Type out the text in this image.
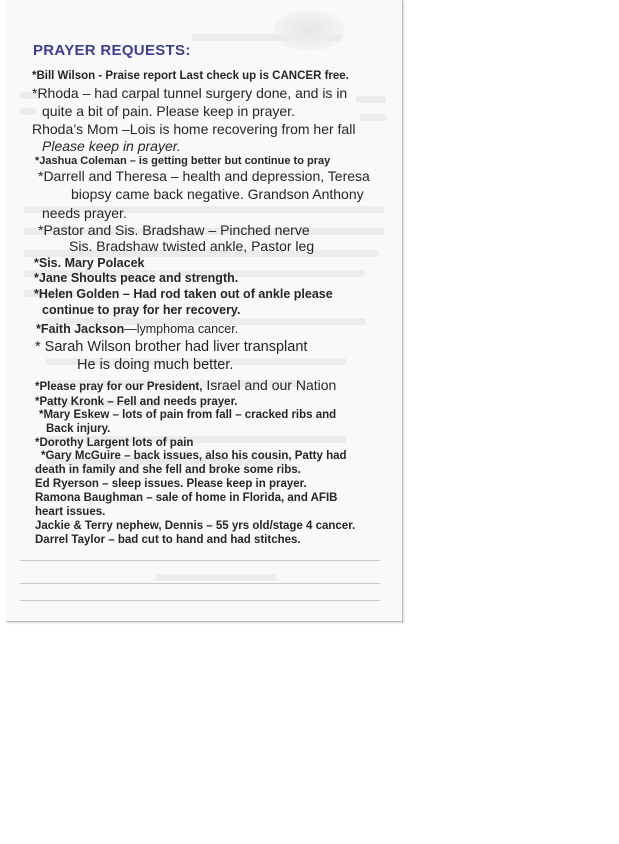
PRAYER REQUESTS:
*Bill Wilson - Praise report Last check up is CANCER free.
*Rhoda – had carpal tunnel surgery done, and is in
quite a bit of pain. Please keep in prayer.
Rhoda’s Mom –Lois is home recovering from her fall
Please keep in prayer.
*Jashua Coleman – is getting better but continue to pray
*Darrell and Theresa – health and depression, Teresa
biopsy came back negative. Grandson Anthony
needs prayer.
*Pastor and Sis. Bradshaw – Pinched nerve
Sis. Bradshaw twisted ankle, Pastor leg
*Sis. Mary Polacek
*Jane Shoults peace and strength.
*Helen Golden – Had rod taken out of ankle please
continue to pray for her recovery.
*Faith Jackson—lymphoma cancer.
* Sarah Wilson brother had liver transplant
He is doing much better.
*Please pray for our President, Israel and our Nation
*Patty Kronk – Fell and needs prayer.
*Mary Eskew – lots of pain from fall – cracked ribs and
Back injury.
*Dorothy Largent lots of pain
*Gary McGuire – back issues, also his cousin, Patty had
death in family and she fell and broke some ribs.
Ed Ryerson – sleep issues. Please keep in prayer.
Ramona Baughman – sale of home in Florida, and AFIB
heart issues.
Jackie & Terry nephew, Dennis – 55 yrs old/stage 4 cancer.
Darrel Taylor – bad cut to hand and had stitches.
